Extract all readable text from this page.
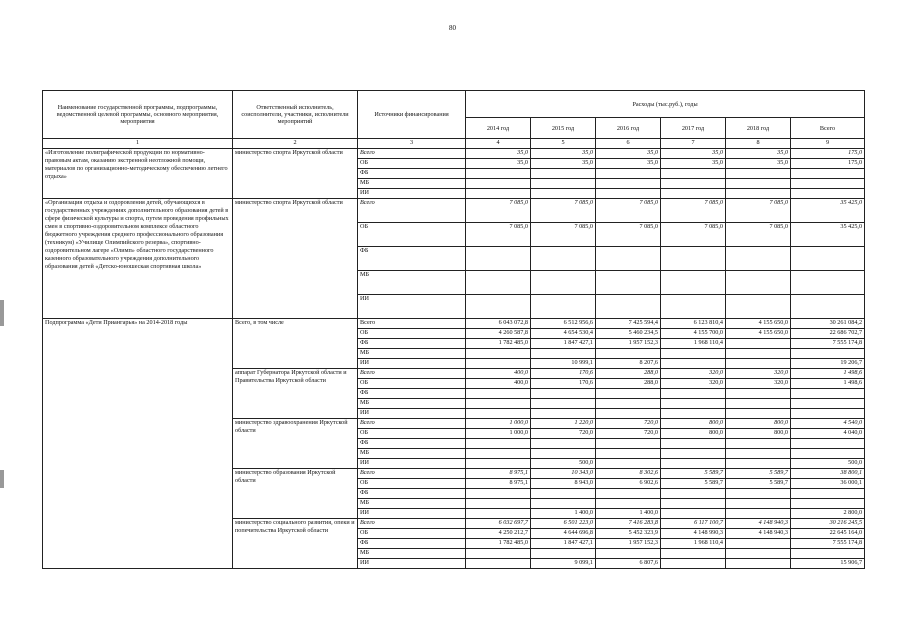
80
Наименование государственной программы, подпрограммы, ведомственной целевой программы, основного мероприятия, мероприятия	Ответственный исполнитель, соисполнители, участники, исполнители мероприятий	Источники финансирования	Расходы (тыс.руб.), годы					
			2014 год	2015 год	2016 год	2017 год	2018 год	Всего
1	2	3	4	5	6	7	8	9
«Изготовление полиграфической продукции по нормативно-правовым актам, оказанию экстренной неотложной помощи, материалов по организационно-методическому обеспечению летнего отдыха»	министерство спорта Иркутской области	Всего	35,0	35,0	35,0	35,0	35,0	175,0
		ОБ	35,0	35,0	35,0	35,0	35,0	175,0
		ФБ						
		МБ						
		ИИ						
«Организация отдыха и оздоровления детей, обучающихся в государственных учреждениях дополнительного образования детей в сфере физической культуры и спорта, путем проведения профильных смен в спортивно-оздоровительном комплексе областного бюджетного учреждения среднего профессионального образования (техникум) «Училище Олимпийского резерва», спортивно-оздоровительном лагере «Олимп» областного государственного казенного образовательного учреждения дополнительного образования детей «Детско-юношеская спортивная школа»	министерство спорта Иркутской области	Всего	7 085,0	7 085,0	7 085,0	7 085,0	7 085,0	35 425,0
		ОБ	7 085,0	7 085,0	7 085,0	7 085,0	7 085,0	35 425,0
		ФБ						
		МБ						
		ИИ						
Подпрограмма «Дети Приангарья» на 2014-2018 годы	Всего, в том числе	Всего	6 043 072,8	6 512 956,6	7 425 594,4	6 123 810,4	4 155 650,0	30 261 084,2
		ОБ	4 260 587,8	4 654 530,4	5 460 234,5	4 155 700,0	4 155 650,0	22 686 702,7
		ФБ	1 782 485,0	1 847 427,1	1 957 152,3	1 968 110,4		7 555 174,8
		МБ						
		ИИ		10 999,1	8 207,6			19 206,7
	аппарат Губернатора Иркутской области и Правительства Иркутской области	Всего	400,0	170,6	288,0	320,0	320,0	1 498,6
		ОБ	400,0	170,6	288,0	320,0	320,0	1 498,6
		ФБ						
		МБ						
		ИИ						
	министерство здравоохранения Иркутской области	Всего	1 000,0	1 220,0	720,0	800,0	800,0	4 540,0
		ОБ	1 000,0	720,0	720,0	800,0	800,0	4 040,0
		ФБ						
		МБ						
		ИИ		500,0				500,0
	министерство образования Иркутской области	Всего	8 975,1	10 343,0	8 302,6	5 589,7	5 589,7	38 800,1
		ОБ	8 975,1	8 943,0	6 902,6	5 589,7	5 589,7	36 000,1
		ФБ						
		МБ						
		ИИ		1 400,0	1 400,0			2 800,0
	министерство социального развития, опеки и попечительства Иркутской области	Всего	6 032 697,7	6 501 223,0	7 416 283,8	6 117 100,7	4 148 940,3	30 216 245,5
		ОБ	4 250 212,7	4 644 696,8	5 452 323,9	4 148 990,3	4 148 940,3	22 645 164,0
		ФБ	1 782 485,0	1 847 427,1	1 957 152,3	1 968 110,4		7 555 174,8
		МБ						
		ИИ		9 099,1	6 807,6			15 906,7
